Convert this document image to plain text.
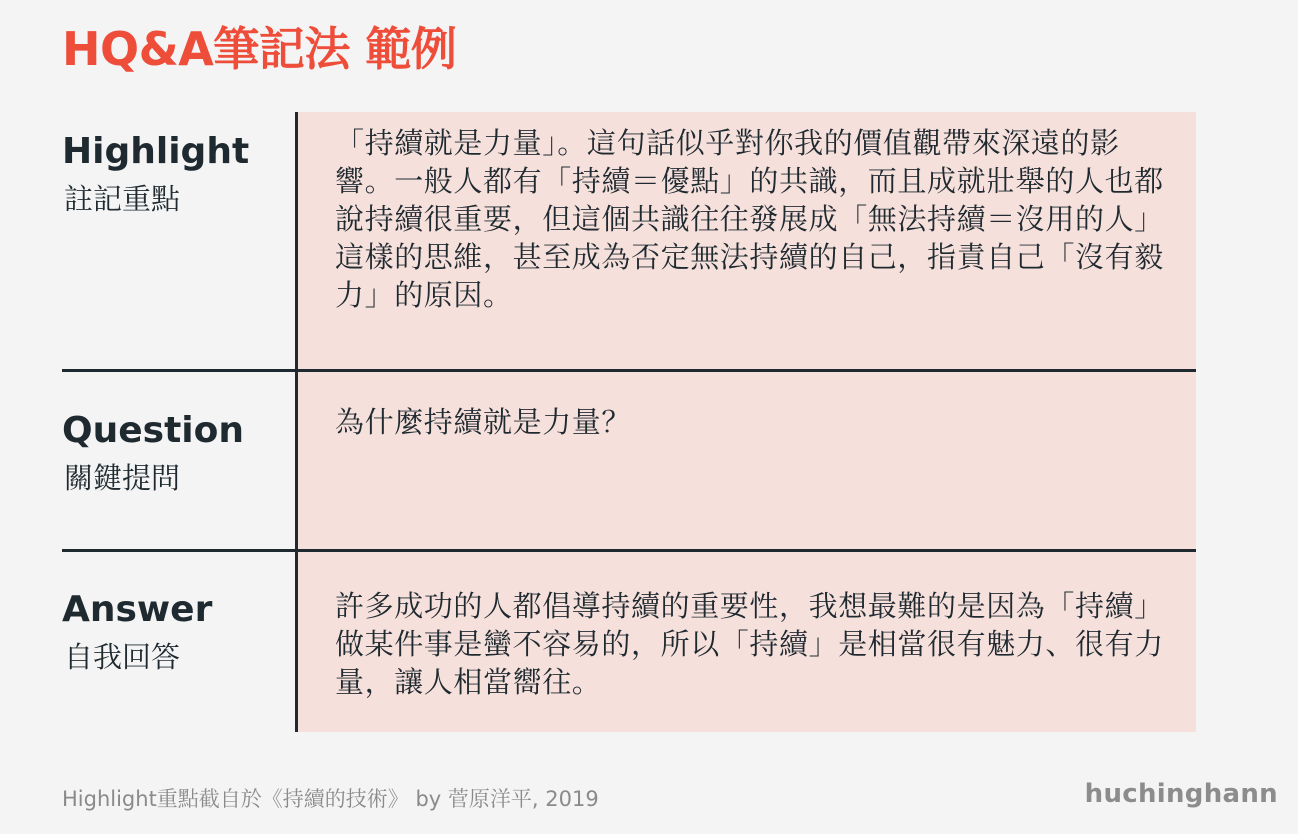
HQ&A筆記法 範例
Highlight
註記重點
「持續就是力量」。這句話似乎對你我的價值觀帶來深遠的影響。一般人都有「持續＝優點」的共識，而且成就壯舉的人也都說持續很重要，但這個共識往往發展成「無法持續＝沒用的人」這樣的思維，甚至成為否定無法持續的自己，指責自己「沒有毅力」的原因。
Question
關鍵提問
為什麼持續就是力量？
Answer
自我回答
許多成功的人都倡導持續的重要性，我想最難的是因為「持續」做某件事是蠻不容易的，所以「持續」是相當很有魅力、很有力量，讓人相當嚮往。
Highlight重點截自於《持續的技術》 by 菅原洋平, 2019	huchinghann
